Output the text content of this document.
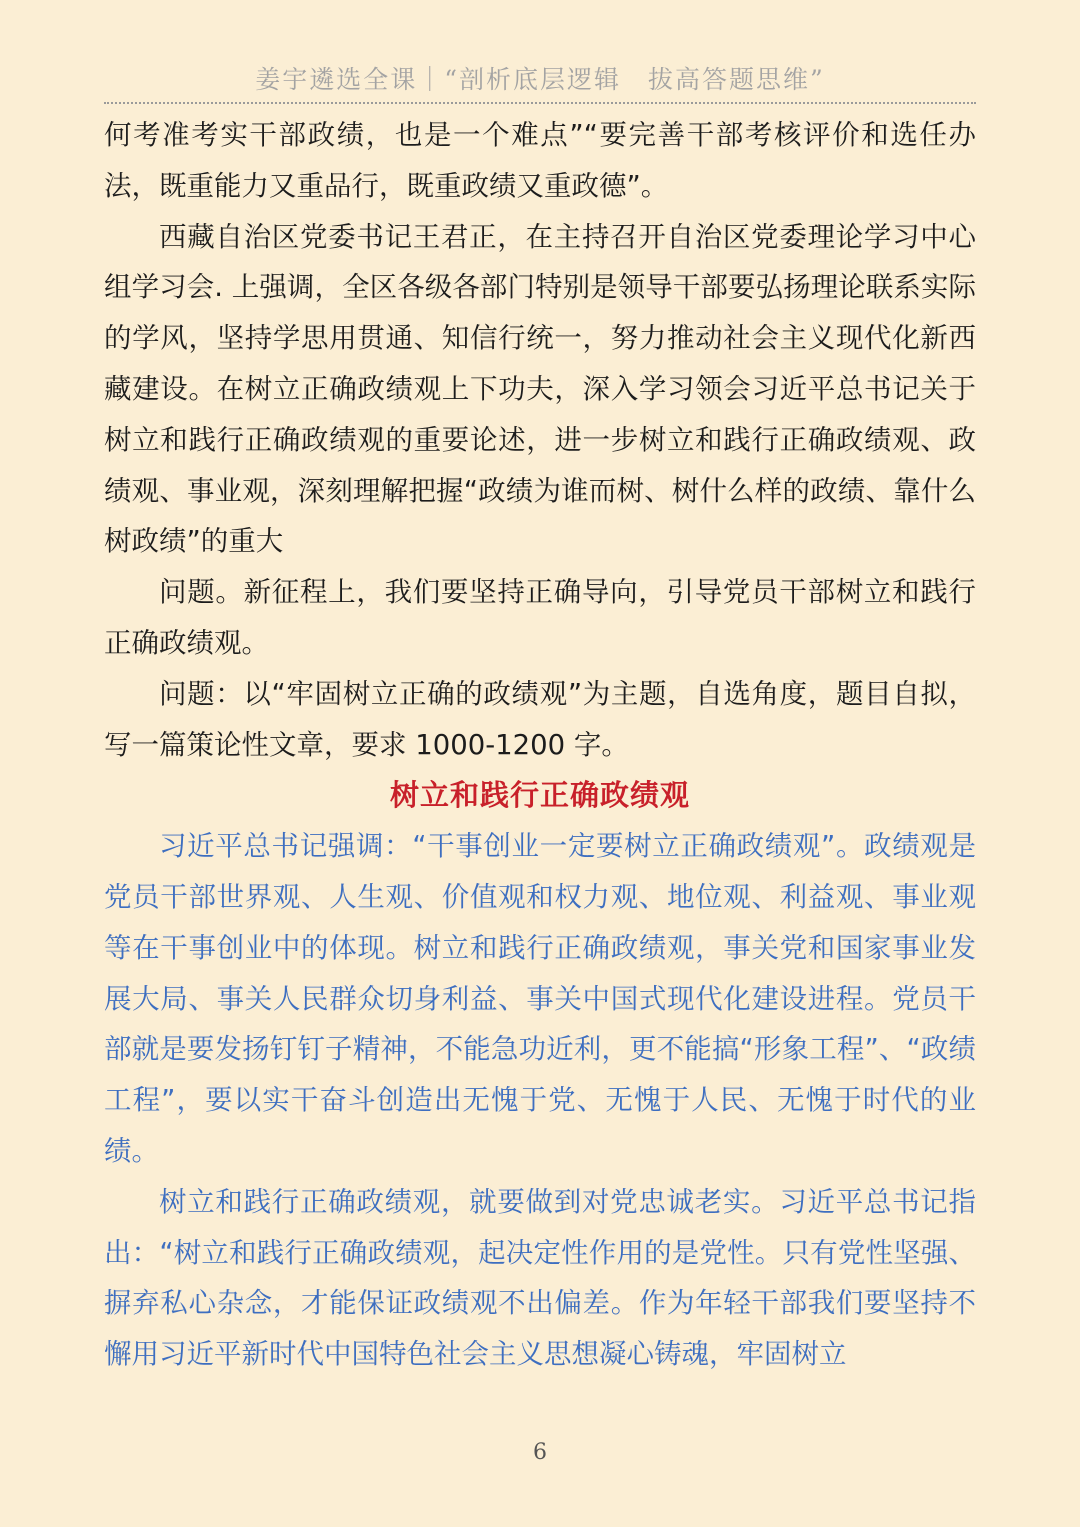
姜宇遴选全课｜“剖析底层逻辑　拔高答题思维”

何考准考实干部政绩，也是一个难点”“要完善干部考核评价和选任办法，既重能力又重品行，既重政绩又重政德”。

西藏自治区党委书记王君正，在主持召开自治区党委理论学习中心组学习会. 上强调，全区各级各部门特别是领导干部要弘扬理论联系实际的学风，坚持学思用贯通、知信行统一，努力推动社会主义现代化新西藏建设。在树立正确政绩观上下功夫，深入学习领会习近平总书记关于树立和践行正确政绩观的重要论述，进一步树立和践行正确政绩观、政绩观、事业观，深刻理解把握“政绩为谁而树、树什么样的政绩、靠什么树政绩”的重大

问题。新征程上，我们要坚持正确导向，引导党员干部树立和践行正确政绩观。

问题：以“牢固树立正确的政绩观”为主题，自选角度，题目自拟，写一篇策论性文章，要求 1000-1200 字。

树立和践行正确政绩观

习近平总书记强调：“干事创业一定要树立正确政绩观”。政绩观是党员干部世界观、人生观、价值观和权力观、地位观、利益观、事业观等在干事创业中的体现。树立和践行正确政绩观，事关党和国家事业发展大局、事关人民群众切身利益、事关中国式现代化建设进程。党员干部就是要发扬钉钉子精神，不能急功近利，更不能搞“形象工程”、“政绩工程”，要以实干奋斗创造出无愧于党、无愧于人民、无愧于时代的业绩。

树立和践行正确政绩观，就要做到对党忠诚老实。习近平总书记指出：“树立和践行正确政绩观，起决定性作用的是党性。只有党性坚强、摒弃私心杂念，才能保证政绩观不出偏差。作为年轻干部我们要坚持不懈用习近平新时代中国特色社会主义思想凝心铸魂，牢固树立

6
